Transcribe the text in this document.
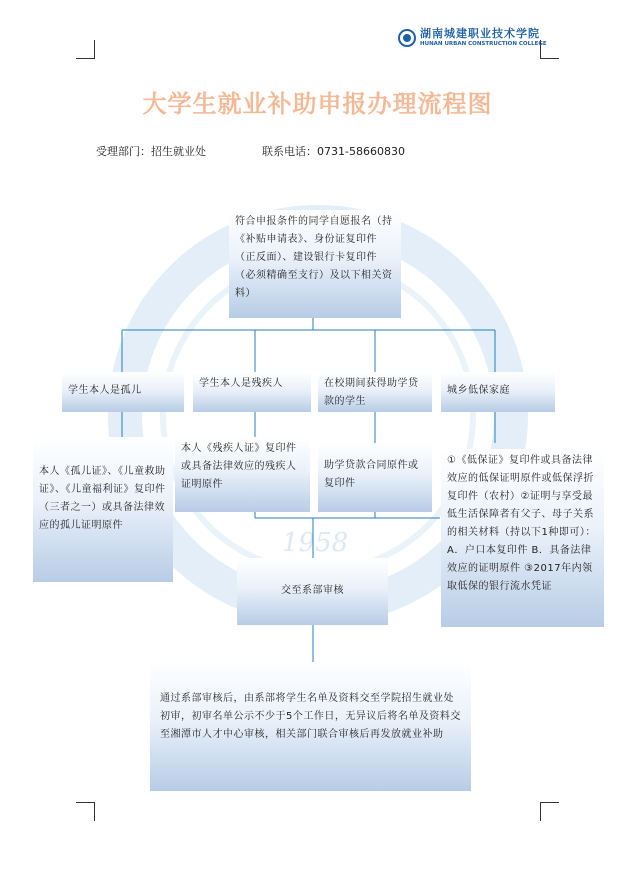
1958
湖南城建职业技术学院
HUNAN URBAN CONSTRUCTION COLLEGE
大学生就业补助申报办理流程图
受理部门：招生就业处	联系电话：0731-58660830
符合申报条件的同学自愿报名（持《补贴申请表》、身份证复印件（正反面）、建设银行卡复印件（必须精确至支行）及以下相关资料）
学生本人是孤儿
学生本人是残疾人	在校期间获得助学贷款的学生
城乡低保家庭
本人《孤儿证》、《儿童救助证》、《儿童福利证》复印件（三者之一）或具备法律效应的孤儿证明原件
本人《残疾人证》复印件或具备法律效应的残疾人证明原件
助学贷款合同原件或复印件
①《低保证》复印件或具备法律效应的低保证明原件或低保浮折复印件（农村）②证明与享受最低生活保障者有父子、母子关系的相关材料（持以下1种即可）：A．户口本复印件 B．具备法律效应的证明原件 ③2017年内领取低保的银行流水凭证
交至系部审核
通过系部审核后，由系部将学生名单及资料交至学院招生就业处初审，初审名单公示不少于5个工作日，无异议后将名单及资料交至湘潭市人才中心审核，相关部门联合审核后再发放就业补助
